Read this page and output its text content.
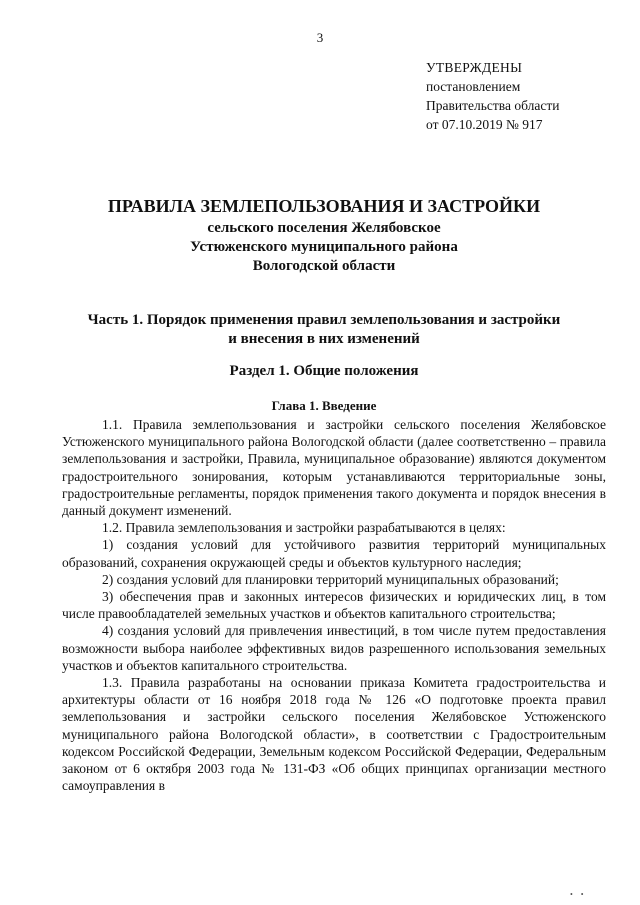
3
УТВЕРЖДЕНЫ
постановлением
Правительства области
от 07.10.2019 № 917
ПРАВИЛА ЗЕМЛЕПОЛЬЗОВАНИЯ И ЗАСТРОЙКИ
сельского поселения Желябовское
Устюженского муниципального района
Вологодской области
Часть 1. Порядок применения правил землепользования и застройки
и внесения в них изменений
Раздел 1. Общие положения
Глава 1. Введение

1.1. Правила землепользования и застройки сельского поселения Желябовское Устюженского муниципального района Вологодской области (далее соответственно – правила землепользования и застройки, Правила, муниципальное образование) являются документом градостроительного зонирования, которым устанавливаются территориальные зоны, градостроительные регламенты, порядок применения такого документа и порядок внесения в данный документ изменений.

1.2. Правила землепользования и застройки разрабатываются в целях:

1) создания условий для устойчивого развития территорий муниципальных образований, сохранения окружающей среды и объектов культурного наследия;

2) создания условий для планировки территорий муниципальных образований;

3) обеспечения прав и законных интересов физических и юридических лиц, в том числе правообладателей земельных участков и объектов капитального строительства;

4) создания условий для привлечения инвестиций, в том числе путем предоставления возможности выбора наиболее эффективных видов разрешенного использования земельных участков и объектов капитального строительства.

1.3. Правила разработаны на основании приказа Комитета градостроительства и архитектуры области от 16 ноября 2018 года № 126 «О подготовке проекта правил землепользования и застройки сельского поселения Желябовское Устюженского муниципального района Вологодской области», в соответствии с Градостроительным кодексом Российской Федерации, Земельным кодексом Российской Федерации, Федеральным законом от 6 октября 2003 года № 131-ФЗ «Об общих принципах организации местного самоуправления в

• •
